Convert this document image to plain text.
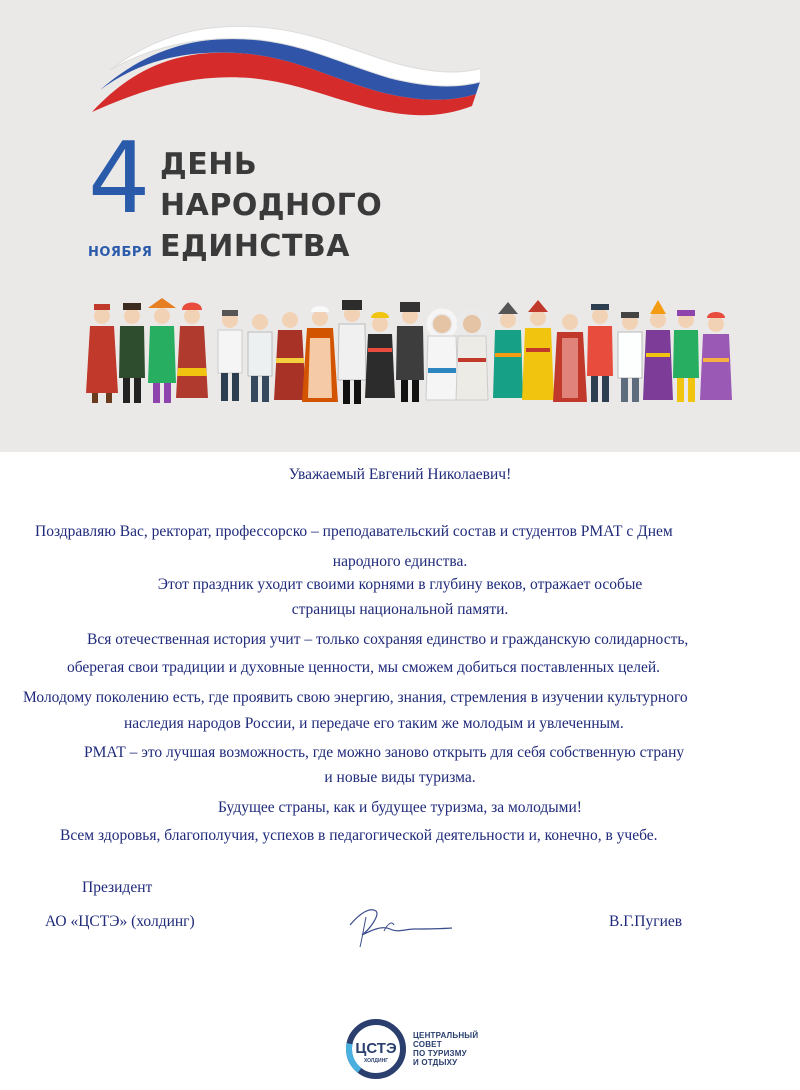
4
НОЯБРЯ
ДЕНЬ
НАРОДНОГО
ЕДИНСТВА
Уважаемый Евгений Николаевич!
Поздравляю Вас, ректорат, профессорско – преподавательский состав и студентов РМАТ с Днем
народного единства.
Этот праздник уходит своими корнями в глубину веков, отражает особые
страницы национальной памяти.
Вся отечественная история учит – только сохраняя единство и гражданскую солидарность,
оберегая свои традиции и духовные ценности, мы сможем добиться поставленных целей.
Молодому поколению есть, где проявить свою энергию, знания, стремления в изучении культурного
наследия народов России, и передаче его таким же молодым и увлеченным.
РМАТ – это лучшая возможность, где можно заново открыть для себя собственную страну
и новые виды туризма.
Будущее страны, как и будущее туризма, за молодыми!
Всем здоровья, благополучия, успехов в педагогической деятельности и, конечно, в учебе.
Президент
АО «ЦСТЭ» (холдинг)	В.Г.Пугиев
ЦСТЭ
ХОЛДИНГ
ЦЕНТРАЛЬНЫЙ
СОВЕТ
ПО ТУРИЗМУ
И ОТДЫХУ
